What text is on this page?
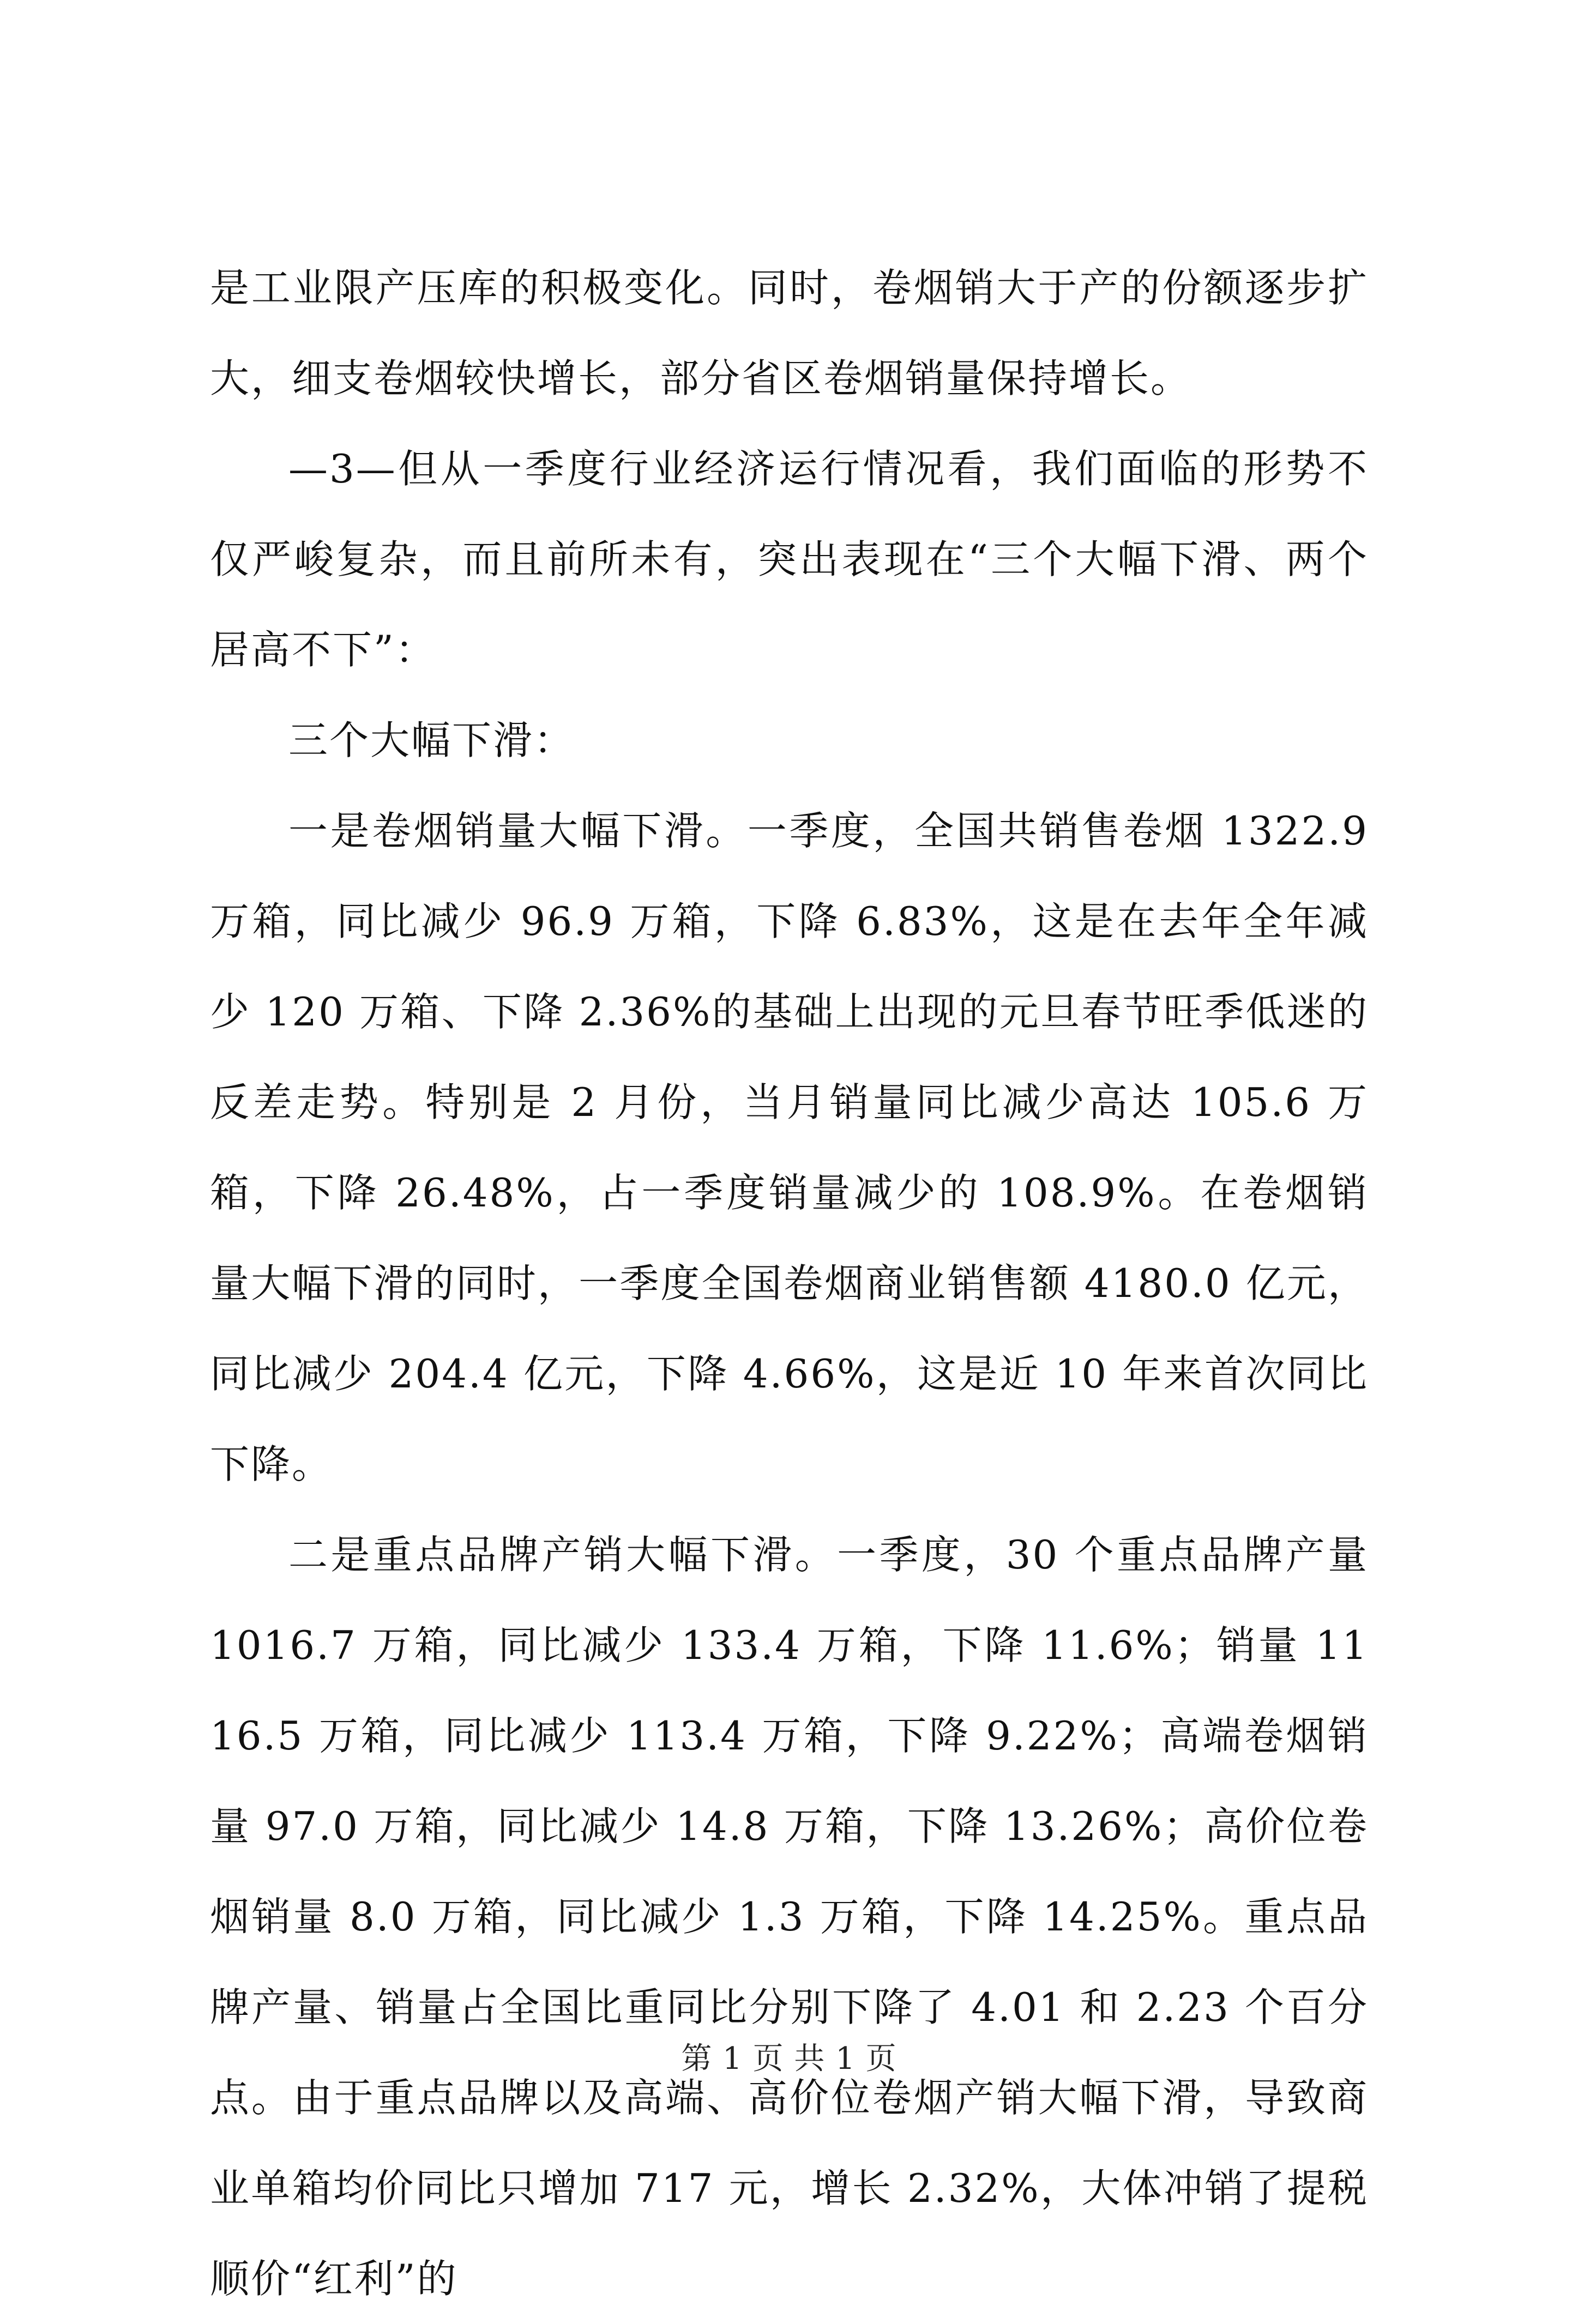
是工业限产压库的积极变化。同时，卷烟销大于产的份额逐步扩大，细支卷烟较快增长，部分省区卷烟销量保持增长。

—3—但从一季度行业经济运行情况看，我们面临的形势不仅严峻复杂，而且前所未有，突出表现在“三个大幅下滑、两个居高不下”：

三个大幅下滑：

一是卷烟销量大幅下滑。一季度，全国共销售卷烟 1322.9 万箱，同比减少 96.9 万箱，下降 6.83%，这是在去年全年减少 120 万箱、下降 2.36%的基础上出现的元旦春节旺季低迷的反差走势。特别是 2 月份，当月销量同比减少高达 105.6 万箱，下降 26.48%，占一季度销量减少的 108.9%。在卷烟销量大幅下滑的同时，一季度全国卷烟商业销售额 4180.0 亿元，同比减少 204.4 亿元，下降 4.66%，这是近 10 年来首次同比下降。

二是重点品牌产销大幅下滑。一季度，30 个重点品牌产量 1016.7 万箱，同比减少 133.4 万箱，下降 11.6%；销量 1116.5 万箱，同比减少 113.4 万箱，下降 9.22%；高端卷烟销量 97.0 万箱，同比减少 14.8 万箱，下降 13.26%；高价位卷烟销量 8.0 万箱，同比减少 1.3 万箱，下降 14.25%。重点品牌产量、销量占全国比重同比分别下降了 4.01 和 2.23 个百分点。由于重点品牌以及高端、高价位卷烟产销大幅下滑，导致商业单箱均价同比只增加 717 元，增长 2.32%，大体冲销了提税顺价“红利”的

第 1 页 共 1 页
